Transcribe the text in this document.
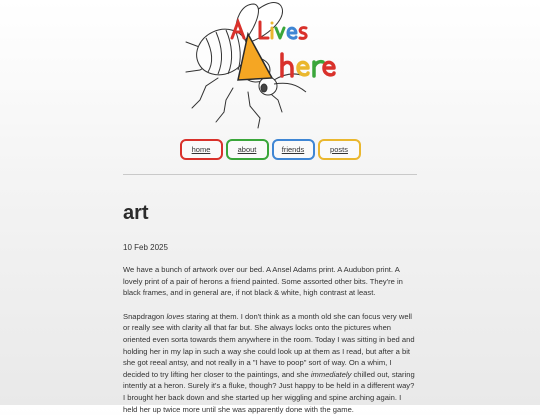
home	about	friends	posts
art
10 Feb 2025

We have a bunch of artwork over our bed. A Ansel Adams print. A Audubon print. A lovely print of a pair of herons a friend painted. Some assorted other bits. They're in black frames, and in general are, if not black & white, high contrast at least.

Snapdragon loves staring at them. I don't think as a month old she can focus very well or really see with clarity all that far but. She always locks onto the pictures when oriented even sorta towards them anywhere in the room. Today I was sitting in bed and holding her in my lap in such a way she could look up at them as I read, but after a bit she got reeal antsy, and not really in a "I have to poop" sort of way. On a whim, I decided to try lifting her closer to the paintings, and she immediately chilled out, staring intently at a heron. Surely it's a fluke, though? Just happy to be held in a different way? I brought her back down and she started up her wiggling and spine arching again. I held her up twice more until she was apparently done with the game.
